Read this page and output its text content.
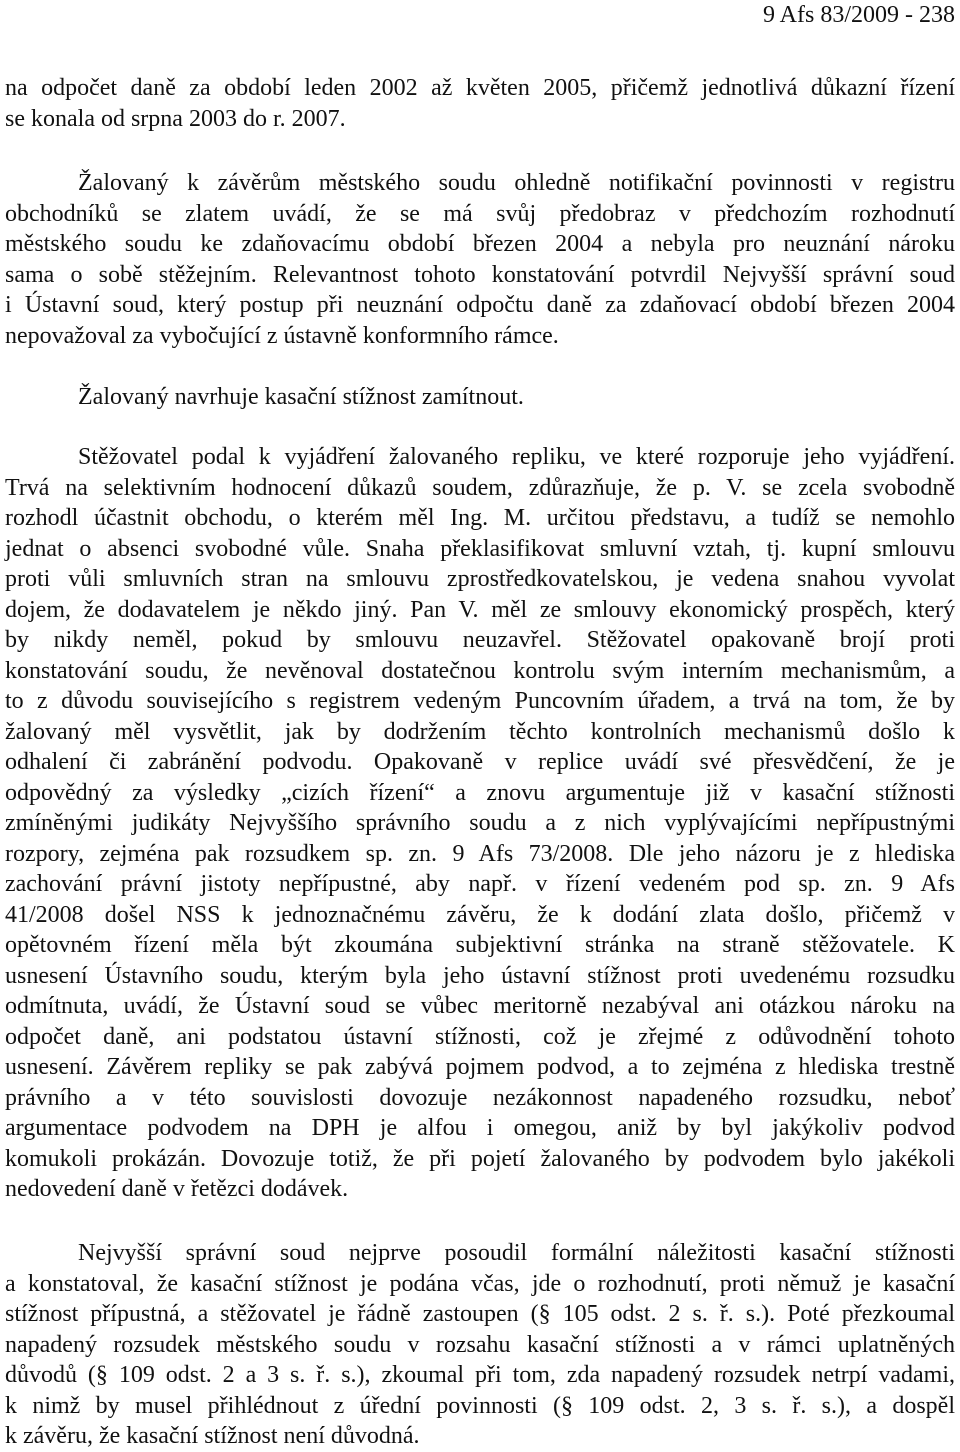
9 Afs 83/2009 - 238
na odpočet daně za období leden 2002 až květen 2005, přičemž jednotlivá důkazní řízení
se konala od srpna 2003 do r. 2007.
Žalovaný k závěrům městského soudu ohledně notifikační povinnosti v registru
obchodníků se zlatem uvádí, že se má svůj předobraz v předchozím rozhodnutí
městského soudu ke zdaňovacímu období březen 2004 a nebyla pro neuznání nároku
sama o sobě stěžejním. Relevantnost tohoto konstatování potvrdil Nejvyšší správní soud
i Ústavní soud, který postup při neuznání odpočtu daně za zdaňovací období březen 2004
nepovažoval za vybočující z ústavně konformního rámce.
Žalovaný navrhuje kasační stížnost zamítnout.
Stěžovatel podal k vyjádření žalovaného repliku, ve které rozporuje jeho vyjádření.
Trvá na selektivním hodnocení důkazů soudem, zdůrazňuje, že p. V. se zcela svobodně
rozhodl účastnit obchodu, o kterém měl Ing. M. určitou představu, a tudíž se nemohlo
jednat o absenci svobodné vůle. Snaha překlasifikovat smluvní vztah, tj. kupní smlouvu
proti vůli smluvních stran na smlouvu zprostředkovatelskou, je vedena snahou vyvolat
dojem, že dodavatelem je někdo jiný. Pan V. měl ze smlouvy ekonomický prospěch, který
by nikdy neměl, pokud by smlouvu neuzavřel. Stěžovatel opakovaně brojí proti
konstatování soudu, že nevěnoval dostatečnou kontrolu svým interním mechanismům, a
to z důvodu souvisejícího s registrem vedeným Puncovním úřadem, a trvá na tom, že by
žalovaný měl vysvětlit, jak by dodržením těchto kontrolních mechanismů došlo k
odhalení či zabránění podvodu. Opakovaně v replice uvádí své přesvědčení, že je
odpovědný za výsledky „cizích řízení“ a znovu argumentuje již v kasační stížnosti
zmíněnými judikáty Nejvyššího správního soudu a z nich vyplývajícími nepřípustnými
rozpory, zejména pak rozsudkem sp. zn. 9 Afs 73/2008. Dle jeho názoru je z hlediska
zachování právní jistoty nepřípustné, aby např. v řízení vedeném pod sp. zn. 9 Afs
41/2008 došel NSS k jednoznačnému závěru, že k dodání zlata došlo, přičemž v
opětovném řízení měla být zkoumána subjektivní stránka na straně stěžovatele. K
usnesení Ústavního soudu, kterým byla jeho ústavní stížnost proti uvedenému rozsudku
odmítnuta, uvádí, že Ústavní soud se vůbec meritorně nezabýval ani otázkou nároku na
odpočet daně, ani podstatou ústavní stížnosti, což je zřejmé z odůvodnění tohoto
usnesení. Závěrem repliky se pak zabývá pojmem podvod, a to zejména z hlediska trestně
právního a v této souvislosti dovozuje nezákonnost napadeného rozsudku, neboť
argumentace podvodem na DPH je alfou i omegou, aniž by byl jakýkoliv podvod
komukoli prokázán. Dovozuje totiž, že při pojetí žalovaného by podvodem bylo jakékoli
nedovedení daně v řetězci dodávek.
Nejvyšší správní soud nejprve posoudil formální náležitosti kasační stížnosti
a konstatoval, že kasační stížnost je podána včas, jde o rozhodnutí, proti němuž je kasační
stížnost přípustná, a stěžovatel je řádně zastoupen (§ 105 odst. 2 s. ř. s.). Poté přezkoumal
napadený rozsudek městského soudu v rozsahu kasační stížnosti a v rámci uplatněných
důvodů (§ 109 odst. 2 a 3 s. ř. s.), zkoumal při tom, zda napadený rozsudek netrpí vadami,
k nimž by musel přihlédnout z úřední povinnosti (§ 109 odst. 2, 3 s. ř. s.), a dospěl
k závěru, že kasační stížnost není důvodná.
